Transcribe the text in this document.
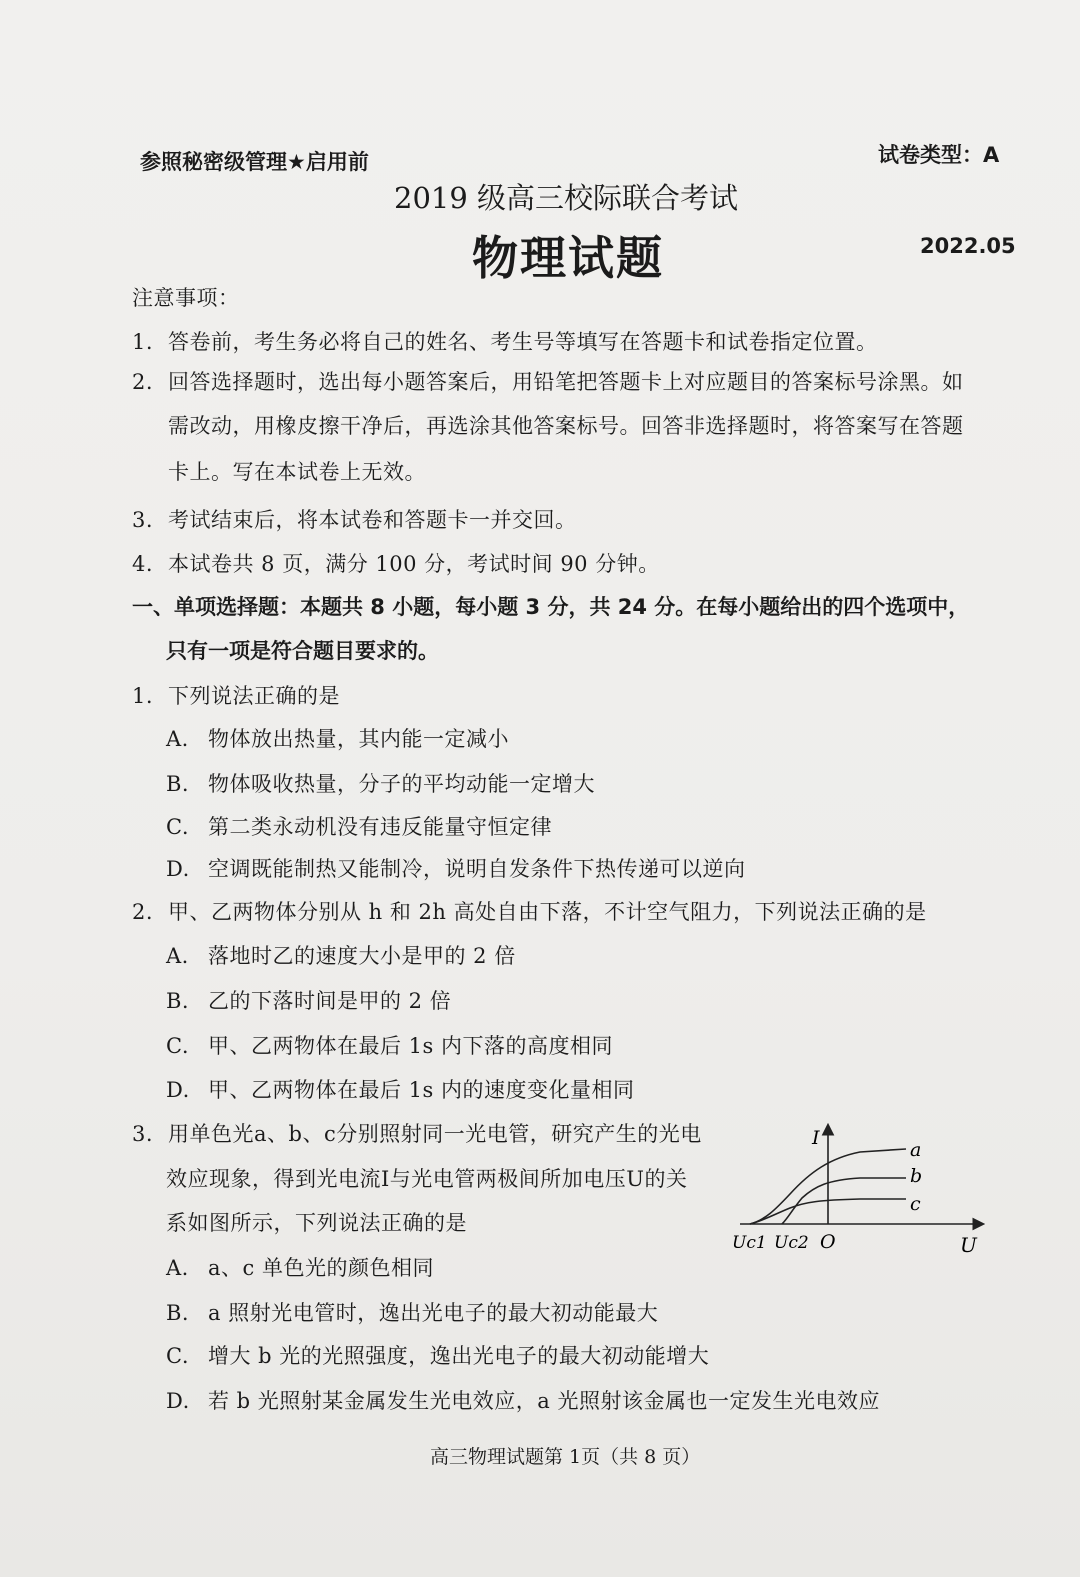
参照秘密级管理★启用前	试卷类型：A
2019 级高三校际联合考试
物理试题	2022.05
注意事项：
1. 答卷前，考生务必将自己的姓名、考生号等填写在答题卡和试卷指定位置。
2. 回答选择题时，选出每小题答案后，用铅笔把答题卡上对应题目的答案标号涂黑。如
需改动，用橡皮擦干净后，再选涂其他答案标号。回答非选择题时，将答案写在答题
卡上。写在本试卷上无效。
3. 考试结束后，将本试卷和答题卡一并交回。
4. 本试卷共 8 页，满分 100 分，考试时间 90 分钟。
一、单项选择题：本题共 8 小题，每小题 3 分，共 24 分。在每小题给出的四个选项中，
只有一项是符合题目要求的。
1. 下列说法正确的是
A. 物体放出热量，其内能一定减小
B. 物体吸收热量，分子的平均动能一定增大
C. 第二类永动机没有违反能量守恒定律
D. 空调既能制热又能制冷，说明自发条件下热传递可以逆向
2. 甲、乙两物体分别从 h 和 2h 高处自由下落，不计空气阻力，下列说法正确的是
A. 落地时乙的速度大小是甲的 2 倍
B. 乙的下落时间是甲的 2 倍
C. 甲、乙两物体在最后 1s 内下落的高度相同
D. 甲、乙两物体在最后 1s 内的速度变化量相同
3. 用单色光a、b、c分别照射同一光电管，研究产生的光电
效应现象，得到光电流I与光电管两极间所加电压U的关
系如图所示，下列说法正确的是
A. a、c 单色光的颜色相同
B. a 照射光电管时，逸出光电子的最大初动能最大
C. 增大 b 光的光照强度，逸出光电子的最大初动能增大
D. 若 b 光照射某金属发生光电效应，a 光照射该金属也一定发生光电效应
I
a
b
c
Uc1 Uc2 O	U
高三物理试题第 1页（共 8 页）
